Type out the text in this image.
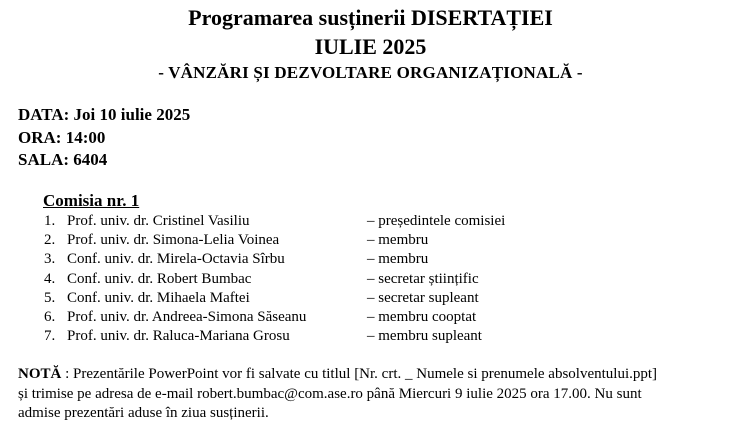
Programarea susținerii DISERTAȚIEI
IULIE 2025
- VÂNZĂRI ȘI DEZVOLTARE ORGANIZAȚIONALĂ -
DATA: Joi 10 iulie 2025
ORA: 14:00
SALA: 6404
Comisia nr. 1
1. Prof. univ. dr. Cristinel Vasiliu	– președintele comisiei
2. Prof. univ. dr. Simona-Lelia Voinea	– membru
3. Conf. univ. dr. Mirela-Octavia Sîrbu	– membru
4. Conf. univ. dr. Robert Bumbac	– secretar științific
5. Conf. univ. dr. Mihaela Maftei	– secretar supleant
6. Prof. univ. dr. Andreea-Simona Săseanu	– membru cooptat
7. Prof. univ. dr. Raluca-Mariana Grosu	– membru supleant
NOTĂ : Prezentările PowerPoint vor fi salvate cu titlul [Nr. crt. _ Numele si prenumele absolventului.ppt]
și trimise pe adresa de e-mail robert.bumbac@com.ase.ro până Miercuri 9 iulie 2025 ora 17.00. Nu sunt
admise prezentări aduse în ziua susținerii.
